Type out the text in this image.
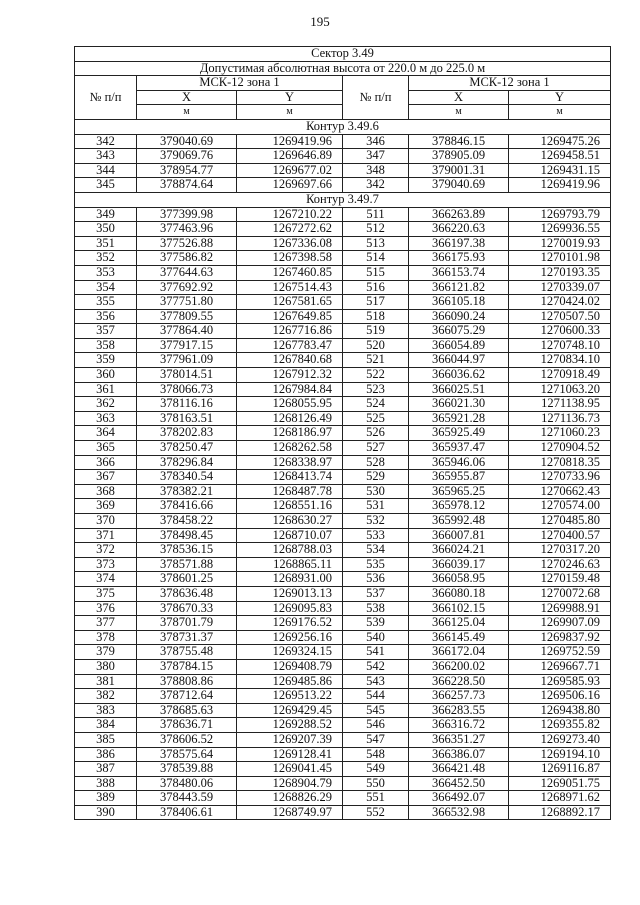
195
Сектор 3.49					
Допустимая абсолютная высота от 220.0 м до 225.0 м					
№ п/п	МСК-12 зона 1		№ п/п	МСК-12 зона 1	
	X	Y		X	Y
	м	м		м	м
Контур 3.49.6					
342	379040.69	1269419.96	346	378846.15	1269475.26
343	379069.76	1269646.89	347	378905.09	1269458.51
344	378954.77	1269677.02	348	379001.31	1269431.15
345	378874.64	1269697.66	342	379040.69	1269419.96
Контур 3.49.7					
349	377399.98	1267210.22	511	366263.89	1269793.79
350	377463.96	1267272.62	512	366220.63	1269936.55
351	377526.88	1267336.08	513	366197.38	1270019.93
352	377586.82	1267398.58	514	366175.93	1270101.98
353	377644.63	1267460.85	515	366153.74	1270193.35
354	377692.92	1267514.43	516	366121.82	1270339.07
355	377751.80	1267581.65	517	366105.18	1270424.02
356	377809.55	1267649.85	518	366090.24	1270507.50
357	377864.40	1267716.86	519	366075.29	1270600.33
358	377917.15	1267783.47	520	366054.89	1270748.10
359	377961.09	1267840.68	521	366044.97	1270834.10
360	378014.51	1267912.32	522	366036.62	1270918.49
361	378066.73	1267984.84	523	366025.51	1271063.20
362	378116.16	1268055.95	524	366021.30	1271138.95
363	378163.51	1268126.49	525	365921.28	1271136.73
364	378202.83	1268186.97	526	365925.49	1271060.23
365	378250.47	1268262.58	527	365937.47	1270904.52
366	378296.84	1268338.97	528	365946.06	1270818.35
367	378340.54	1268413.74	529	365955.87	1270733.96
368	378382.21	1268487.78	530	365965.25	1270662.43
369	378416.66	1268551.16	531	365978.12	1270574.00
370	378458.22	1268630.27	532	365992.48	1270485.80
371	378498.45	1268710.07	533	366007.81	1270400.57
372	378536.15	1268788.03	534	366024.21	1270317.20
373	378571.88	1268865.11	535	366039.17	1270246.63
374	378601.25	1268931.00	536	366058.95	1270159.48
375	378636.48	1269013.13	537	366080.18	1270072.68
376	378670.33	1269095.83	538	366102.15	1269988.91
377	378701.79	1269176.52	539	366125.04	1269907.09
378	378731.37	1269256.16	540	366145.49	1269837.92
379	378755.48	1269324.15	541	366172.04	1269752.59
380	378784.15	1269408.79	542	366200.02	1269667.71
381	378808.86	1269485.86	543	366228.50	1269585.93
382	378712.64	1269513.22	544	366257.73	1269506.16
383	378685.63	1269429.45	545	366283.55	1269438.80
384	378636.71	1269288.52	546	366316.72	1269355.82
385	378606.52	1269207.39	547	366351.27	1269273.40
386	378575.64	1269128.41	548	366386.07	1269194.10
387	378539.88	1269041.45	549	366421.48	1269116.87
388	378480.06	1268904.79	550	366452.50	1269051.75
389	378443.59	1268826.29	551	366492.07	1268971.62
390	378406.61	1268749.97	552	366532.98	1268892.17
